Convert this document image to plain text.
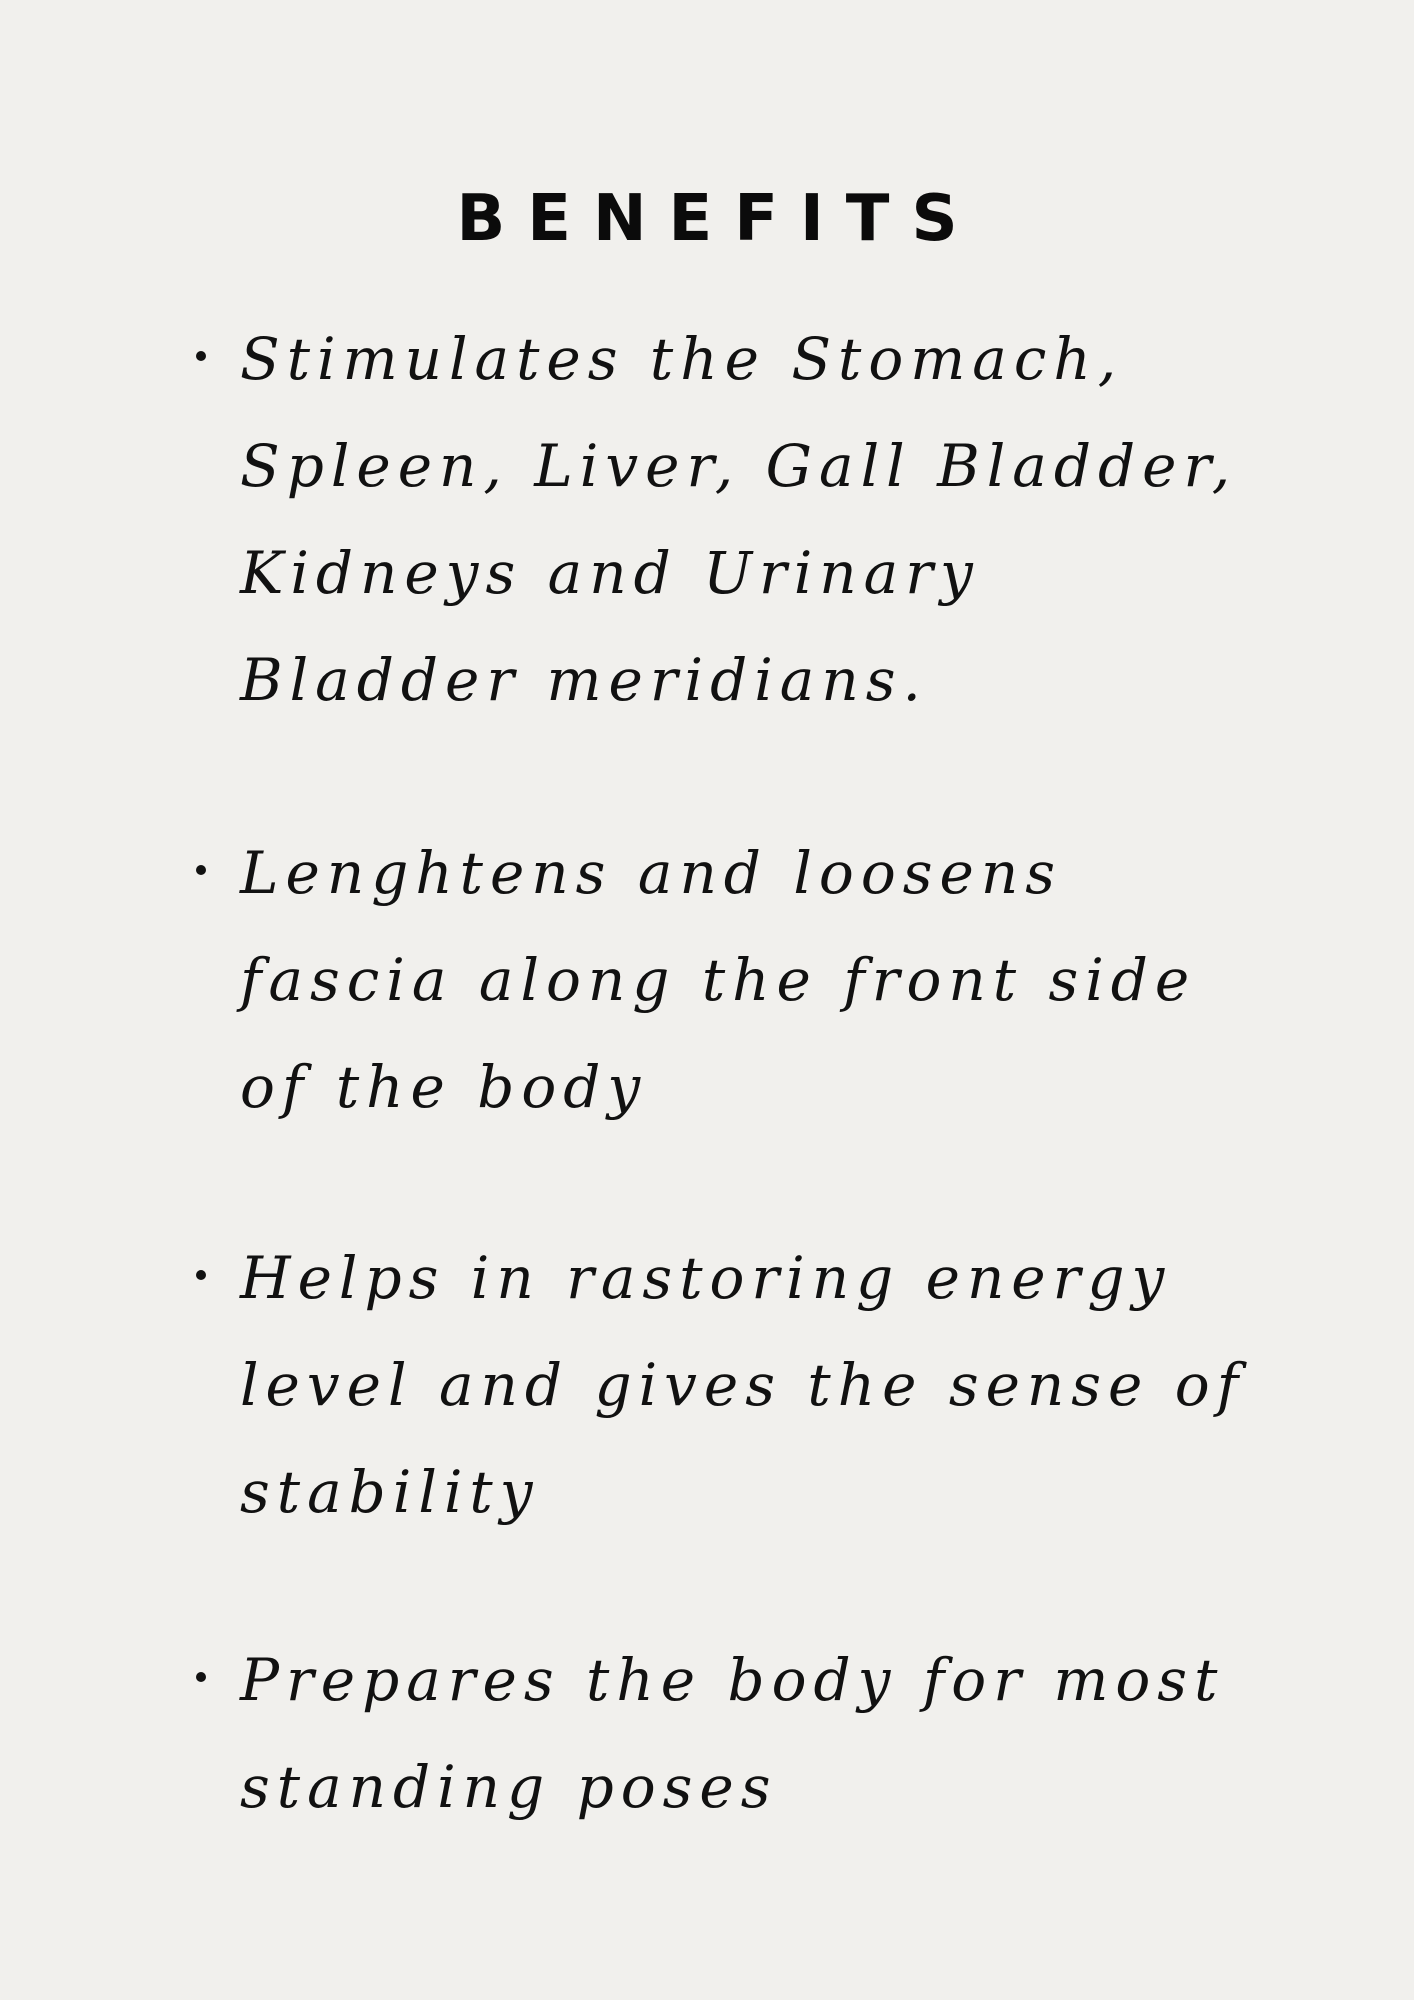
BENEFITS

Stimulates the Stomach, Spleen, Liver, Gall Bladder, Kidneys and Urinary Bladder meridians.

Lenghtens and loosens fascia along the front side of the body

Helps in rastoring energy level and gives the sense of stability

Prepares the body for most standing poses
